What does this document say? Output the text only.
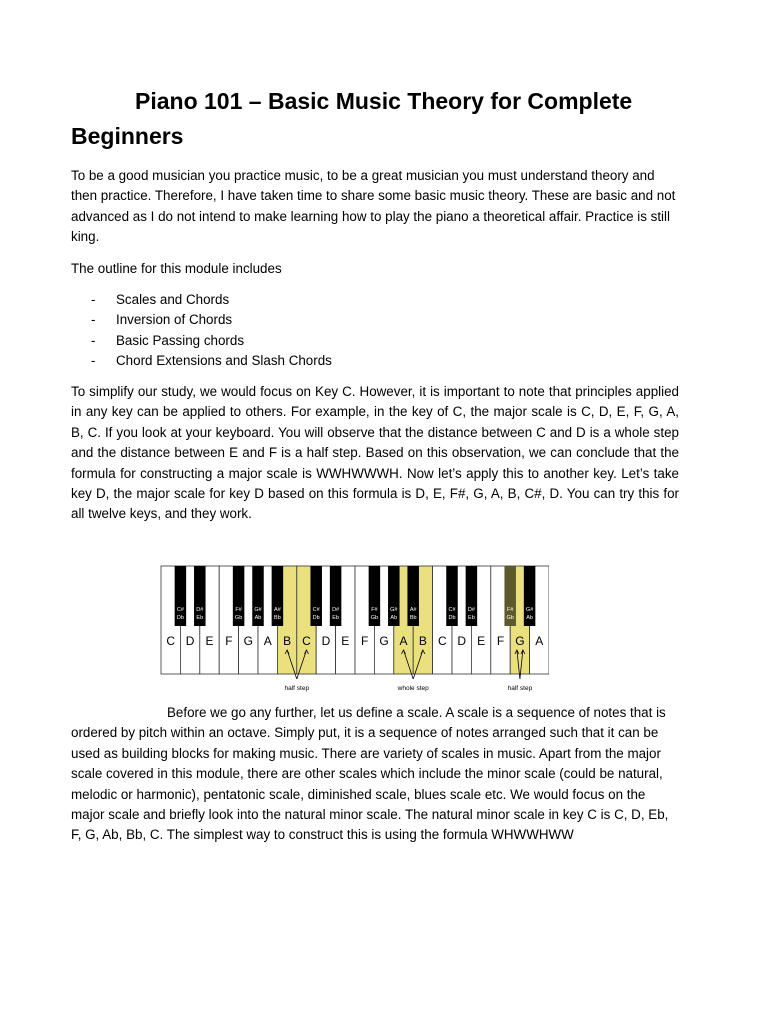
Piano 101 – Basic Music Theory for Complete Beginners

To be a good musician you practice music, to be a great musician you must understand theory and then practice. Therefore, I have taken time to share some basic music theory. These are basic and not advanced as I do not intend to make learning how to play the piano a theoretical affair. Practice is still king.

The outline for this module includes

- Scales and Chords
- Inversion of Chords
- Basic Passing chords
- Chord Extensions and Slash Chords

To simplify our study, we would focus on Key C. However, it is important to note that principles applied in any key can be applied to others. For example, in the key of C, the major scale is C, D, E, F, G, A, B, C. If you look at your keyboard. You will observe that the distance between C and D is a whole step and the distance between E and F is a half step. Based on this observation, we can conclude that the formula for constructing a major scale is WWHWWWH. Now let’s apply this to another key. Let’s take key D, the major scale for key D based on this formula is D, E, F#, G, A, B, C#, D. You can try this for all twelve keys, and they work.

C#
Db
D#
Eb
F#
Gb
G#
Ab
A#
Bb
C#
Db
D#
Eb
F#
Gb
G#
Ab
A#
Bb
C#
Db
D#
Eb
F#
Gb
G#
Ab
C D E F G A B C D E F G A B C D E F G A
half step	whole step	half step

Before we go any further, let us define a scale. A scale is a sequence of notes that is ordered by pitch within an octave. Simply put, it is a sequence of notes arranged such that it can be used as building blocks for making music. There are variety of scales in music. Apart from the major scale covered in this module, there are other scales which include the minor scale (could be natural, melodic or harmonic), pentatonic scale, diminished scale, blues scale etc. We would focus on the major scale and briefly look into the natural minor scale. The natural minor scale in key C is C, D, Eb, F, G, Ab, Bb, C. The simplest way to construct this is using the formula WHWWHWW
